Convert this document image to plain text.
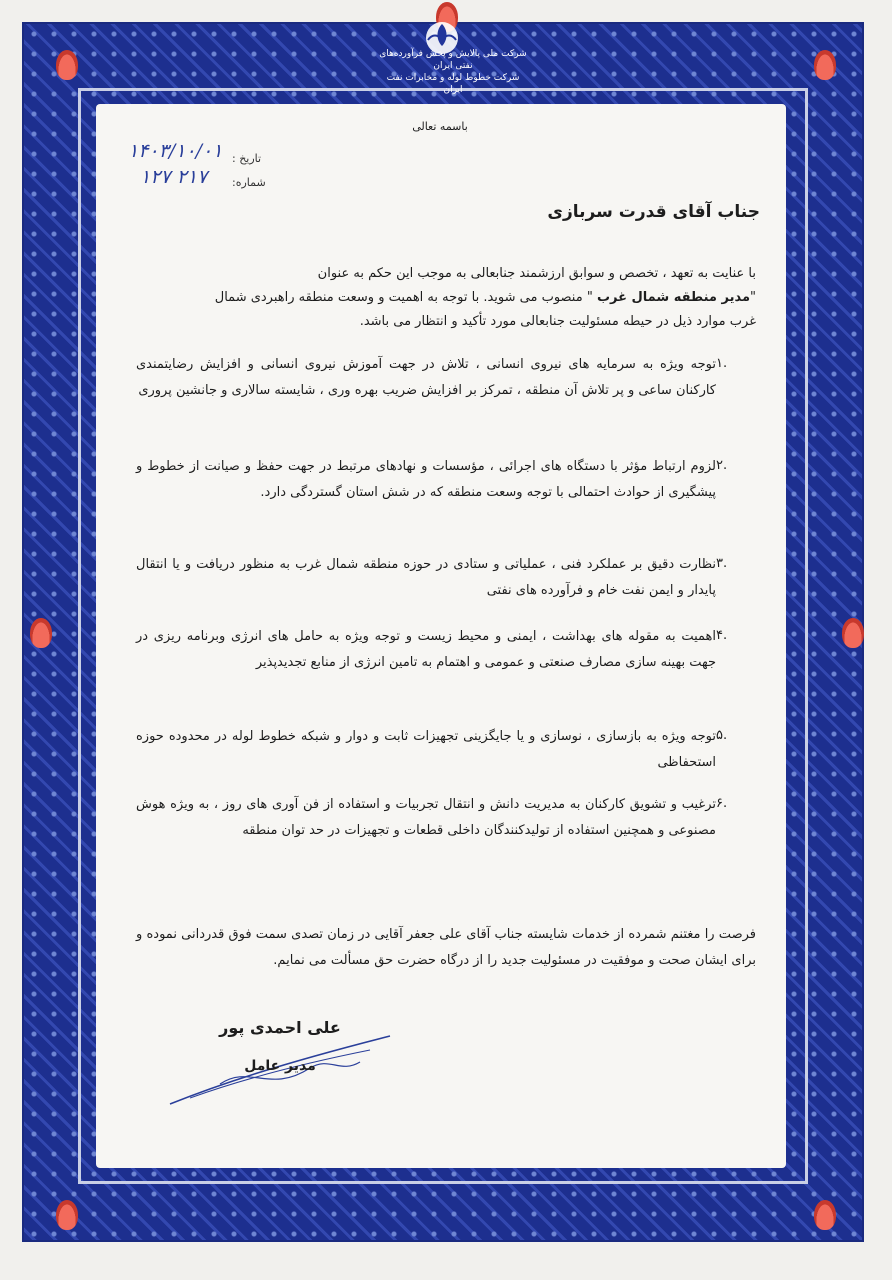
شرکت ملی پالایش و پخش فرآورده‌های نفتی ایران
شرکت خطوط لوله و مخابرات نفت ایران
باسمه تعالی
تاریخ :
۱۴۰۳/۱۰/۰۱
شماره:
۱۲۷ ۲۱۷
جناب آقای قدرت سربازی
با عنایت به تعهد ، تخصص و سوابق ارزشمند جنابعالی به موجب این حکم به عنوان
"مدیر منطقه شمال غرب " منصوب می شوید. با توجه به اهمیت و وسعت منطقه راهبردی شمال
غرب موارد ذیل در حیطه مسئولیت جنابعالی مورد تأکید و انتظار می باشد.
۱.
توجه ویژه به سرمایه های نیروی انسانی ، تلاش در جهت آموزش نیروی انسانی و افزایش رضایتمندی کارکنان ساعی و پر تلاش آن منطقه ، تمرکز بر افزایش ضریب بهره وری ، شایسته سالاری و جانشین پروری
۲.
لزوم ارتباط مؤثر با دستگاه های اجرائی ، مؤسسات و نهادهای مرتبط در جهت حفظ و صیانت از خطوط و پیشگیری از حوادث احتمالی با توجه وسعت منطقه که در شش استان گستردگی دارد.
۳.
نظارت دقیق بر عملکرد فنی ، عملیاتی و ستادی در حوزه منطقه شمال غرب به منظور دریافت و یا انتقال پایدار و ایمن نفت خام و فرآورده های نفتی
۴.
اهمیت به مقوله های بهداشت ، ایمنی و محیط زیست و توجه ویژه به حامل های انرژی وبرنامه ریزی در جهت بهینه سازی مصارف صنعتی و عمومی و اهتمام به تامین انرژی از منابع تجدیدپذیر
۵.
توجه ویژه به بازسازی ، نوسازی و یا جایگزینی تجهیزات ثابت و دوار و شبکه خطوط لوله در محدوده حوزه استحفاظی
۶.
ترغیب و تشویق کارکنان به مدیریت دانش و انتقال تجربیات و استفاده از فن آوری های روز ، به ویژه هوش مصنوعی و همچنین استفاده از تولیدکنندگان داخلی قطعات و تجهیزات در حد توان منطقه
فرصت را مغتنم شمرده از خدمات شایسته جناب آقای علی جعفر آقایی در زمان تصدی سمت فوق قدردانی نموده و برای ایشان صحت و موفقیت در مسئولیت جدید را از درگاه حضرت حق مسألت می نمایم.
علی احمدی پور
مدیر عامل
